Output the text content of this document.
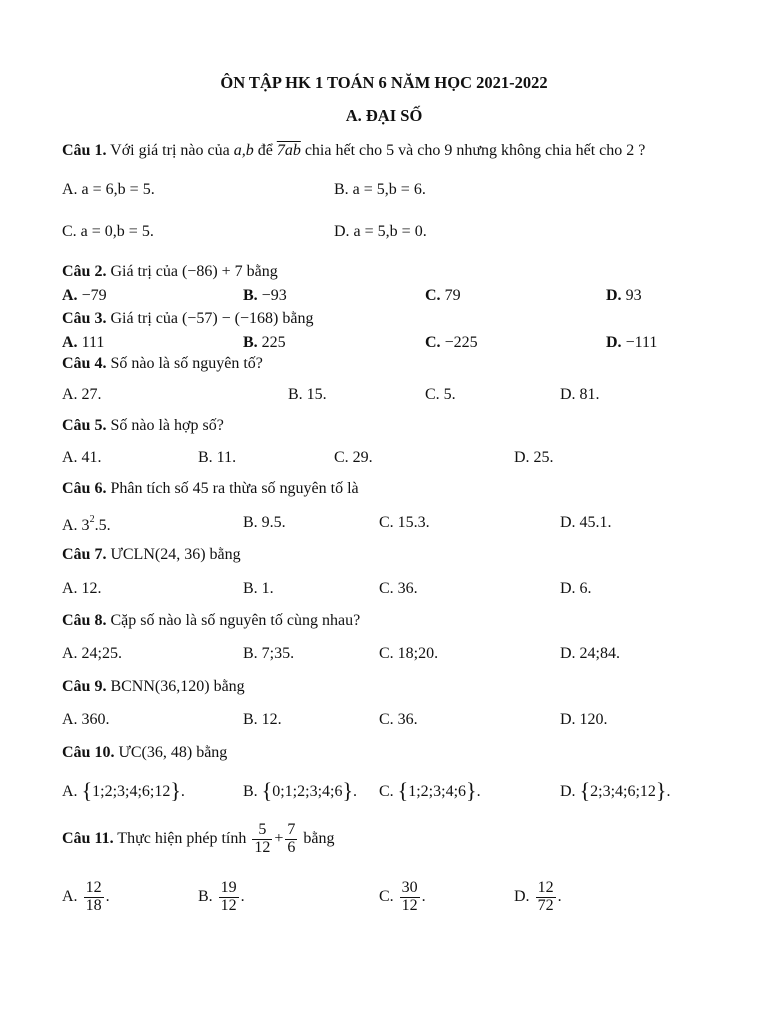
ÔN TẬP HK 1 TOÁN 6 NĂM HỌC 2021-2022
A. ĐẠI SỐ
Câu 1. Với giá trị nào của a,b để 7ab chia hết cho 5 và cho 9 nhưng không chia hết cho 2 ?
A. a = 6,b = 5.	B. a = 5,b = 6.
C. a = 0,b = 5.	D. a = 5,b = 0.
Câu 2. Giá trị của (−86) + 7 bằng
A. −79	B. −93	C. 79	D. 93
Câu 3. Giá trị của (−57) − (−168) bằng
A. 111	B. 225	C. −225	D. −111
Câu 4. Số nào là số nguyên tố?
A. 27.	B. 15.	C. 5.	D. 81.
Câu 5. Số nào là hợp số?
A. 41.	B. 11.	C. 29.	D. 25.
Câu 6. Phân tích số 45 ra thừa số nguyên tố là
A. $3^2.5$.	B. 9.5.	C. 15.3.	D. 45.1.
Câu 7. ƯCLN(24, 36) bằng
A. 12.	B. 1.	C. 36.	D. 6.
Câu 8. Cặp số nào là số nguyên tố cùng nhau?
A. 24;25.	B. 7;35.	C. 18;20.	D. 24;84.
Câu 9. BCNN(36,120) bằng
A. 360.	B. 12.	C. 36.	D. 120.
Câu 10. ƯC(36, 48) bằng
A. {1;2;3;4;6;12}.	B. {0;1;2;3;4;6}. C. {1;2;3;4;6}.	D. {2;3;4;6;12}.
Câu 11. Thực hiện phép tính $\frac{5}{12} + \frac{7}{6}$ bằng
A. $\frac{12}{18}$ .	B. $\frac{19}{12}$ .	C. $\frac{30}{12}$ .	D. $\frac{12}{72}$ .
